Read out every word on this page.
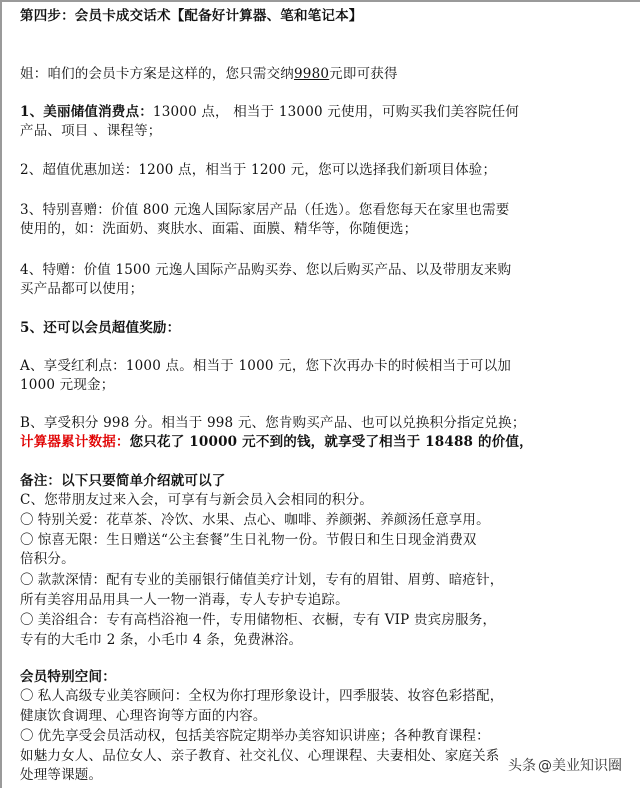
第四步：会员卡成交话术【配备好计算器、笔和笔记本】

姐：咱们的会员卡方案是这样的，您只需交纳9980元即可获得

1、美丽储值消费点：13000 点， 相当于 13000 元使用，可购买我们美容院任何

产品、项目 、课程等；

2、超值优惠加送：1200 点，相当于 1200 元，您可以选择我们新项目体验；

3、特别喜赠：价值 800 元逸人国际家居产品（任选）。您看您每天在家里也需要

使用的，如：洗面奶、爽肤水、面霜、面膜、精华等，你随便选；

4、特赠：价值 1500 元逸人国际产品购买券、您以后购买产品、以及带朋友来购

买产品都可以使用；

5、还可以会员超值奖励：

A、享受红利点：1000 点。相当于 1000 元，您下次再办卡的时候相当于可以加

1000 元现金；

B、享受积分 998 分。相当于 998 元、您肯购买产品、也可以兑换积分指定兑换；

计算器累计数据：您只花了 10000 元不到的钱，就享受了相当于 18488 的价值，

备注：以下只要简单介绍就可以了

C、您带朋友过来入会，可享有与新会员入会相同的积分。

〇 特别关爱：花草茶、冷饮、水果、点心、咖啡、养颜粥、养颜汤任意享用。

〇 惊喜无限：生日赠送“公主套餐”生日礼物一份。节假日和生日现金消费双

倍积分。

〇 款款深情：配有专业的美丽银行储值美疗计划，专有的眉钳、眉剪、暗疮针，

所有美容用品用具一人一物一消毒，专人专护专追踪。

〇 美浴组合：专有高档浴袍一件，专用储物柜、衣橱，专有 VIP 贵宾房服务，

专有的大毛巾 2 条，小毛巾 4 条，免费淋浴。

会员特别空间：

〇 私人高级专业美容顾问：全权为你打理形象设计，四季服装、妆容色彩搭配，

健康饮食调理、心理咨询等方面的内容。

〇 优先享受会员活动权，包括美容院定期举办美容知识讲座；各种教育课程：

如魅力女人、品位女人、亲子教育、社交礼仪、心理课程、夫妻相处、家庭关系

处理等课题。

头条 @美业知识圈
